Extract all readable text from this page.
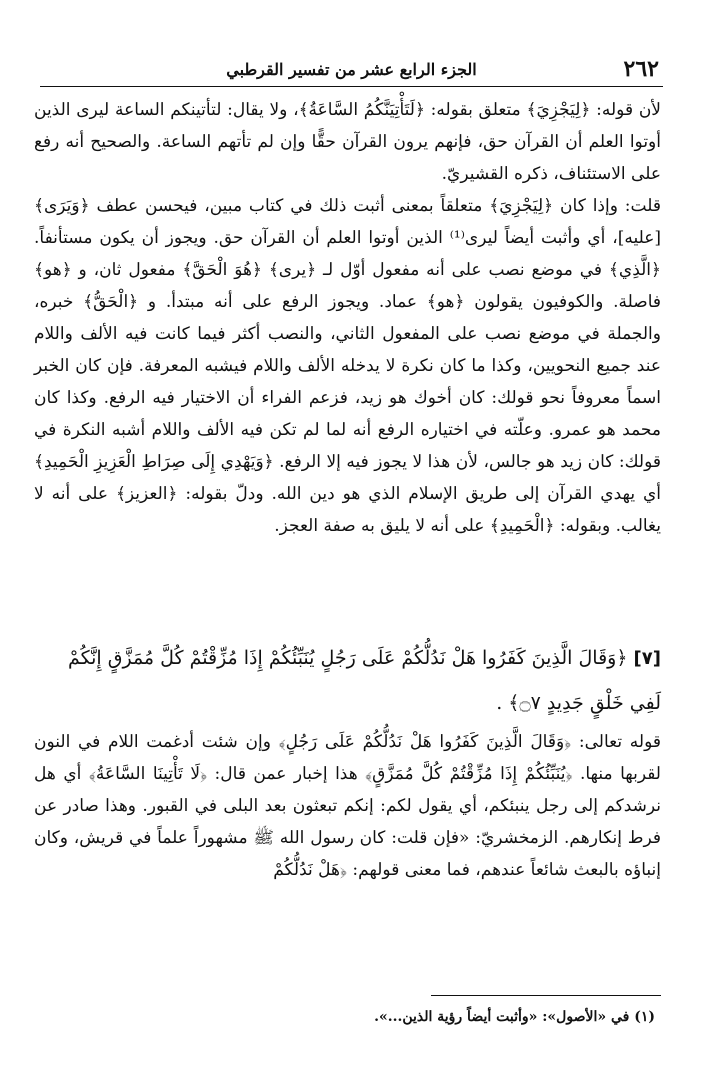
٢٦٢
الجزء الرابع عشر من تفسير القرطبي

لأن قوله: ﴿لِيَجْزِيَ﴾ متعلق بقوله: ﴿لَتَأْتِيَنَّكُمُ السَّاعَةُ﴾، ولا يقال: لتأتينكم الساعة ليرى الذين أوتوا العلم أن القرآن حق، فإنهم يرون القرآن حقًّا وإن لم تأتهم الساعة. والصحيح أنه رفع على الاستئناف، ذكره القشيريّ.

قلت: وإذا كان ﴿لِيَجْزِيَ﴾ متعلقاً بمعنى أثبت ذلك في كتاب مبين، فيحسن عطف ﴿وَيَرَى﴾ [عليه]، أي وأثبت أيضاً ليرى⁽¹⁾ الذين أوتوا العلم أن القرآن حق. ويجوز أن يكون مستأنفاً. ﴿الَّذِي﴾ في موضع نصب على أنه مفعول أوّل لـ ﴿يرى﴾ ﴿هُوَ الْحَقَّ﴾ مفعول ثان، و ﴿هو﴾ فاصلة. والكوفيون يقولون ﴿هو﴾ عماد. ويجوز الرفع على أنه مبتدأ. و ﴿الْحَقُّ﴾ خبره، والجملة في موضع نصب على المفعول الثاني، والنصب أكثر فيما كانت فيه الألف واللام عند جميع النحويين، وكذا ما كان نكرة لا يدخله الألف واللام فيشبه المعرفة. فإن كان الخبر اسماً معروفاً نحو قولك: كان أخوك هو زيد، فزعم الفراء أن الاختيار فيه الرفع. وكذا كان محمد هو عمرو. وعلّته في اختياره الرفع أنه لما لم تكن فيه الألف واللام أشبه النكرة في قولك: كان زيد هو جالس، لأن هذا لا يجوز فيه إلا الرفع. ﴿وَيَهْدِي إِلَى صِرَاطِ الْعَزِيزِ الْحَمِيدِ﴾ أي يهدي القرآن إلى طريق الإسلام الذي هو دين الله. ودلّ بقوله: ﴿العزيز﴾ على أنه لا يغالب. وبقوله: ﴿الْحَمِيدِ﴾ على أنه لا يليق به صفة العجز.

[٧] ﴿وَقَالَ الَّذِينَ كَفَرُوا هَلْ نَدُلُّكُمْ عَلَى رَجُلٍ يُنَبِّئُكُمْ إِذَا مُزِّقْتُمْ كُلَّ مُمَزَّقٍ إِنَّكُمْ لَفِي خَلْقٍ جَدِيدٍ ۝٧﴾ .

قوله تعالى: ﴿وَقَالَ الَّذِينَ كَفَرُوا هَلْ نَدُلُّكُمْ عَلَى رَجُلٍ﴾ وإن شئت أدغمت اللام في النون لقربها منها. ﴿يُنَبِّئُكُمْ إِذَا مُزِّقْتُمْ كُلَّ مُمَزَّقٍ﴾ هذا إخبار عمن قال: ﴿لَا تَأْتِينَا السَّاعَةُ﴾ أي هل نرشدكم إلى رجل ينبئكم، أي يقول لكم: إنكم تبعثون بعد البلى في القبور. وهذا صادر عن فرط إنكارهم. الزمخشريّ: «فإن قلت: كان رسول الله ﷺ مشهوراً علماً في قريش، وكان إنباؤه بالبعث شائعاً عندهم، فما معنى قولهم: ﴿هَلْ نَدُلُّكُمْ

(١) في «الأصول»: «وأثبت أيضاً رؤية الذين...».
